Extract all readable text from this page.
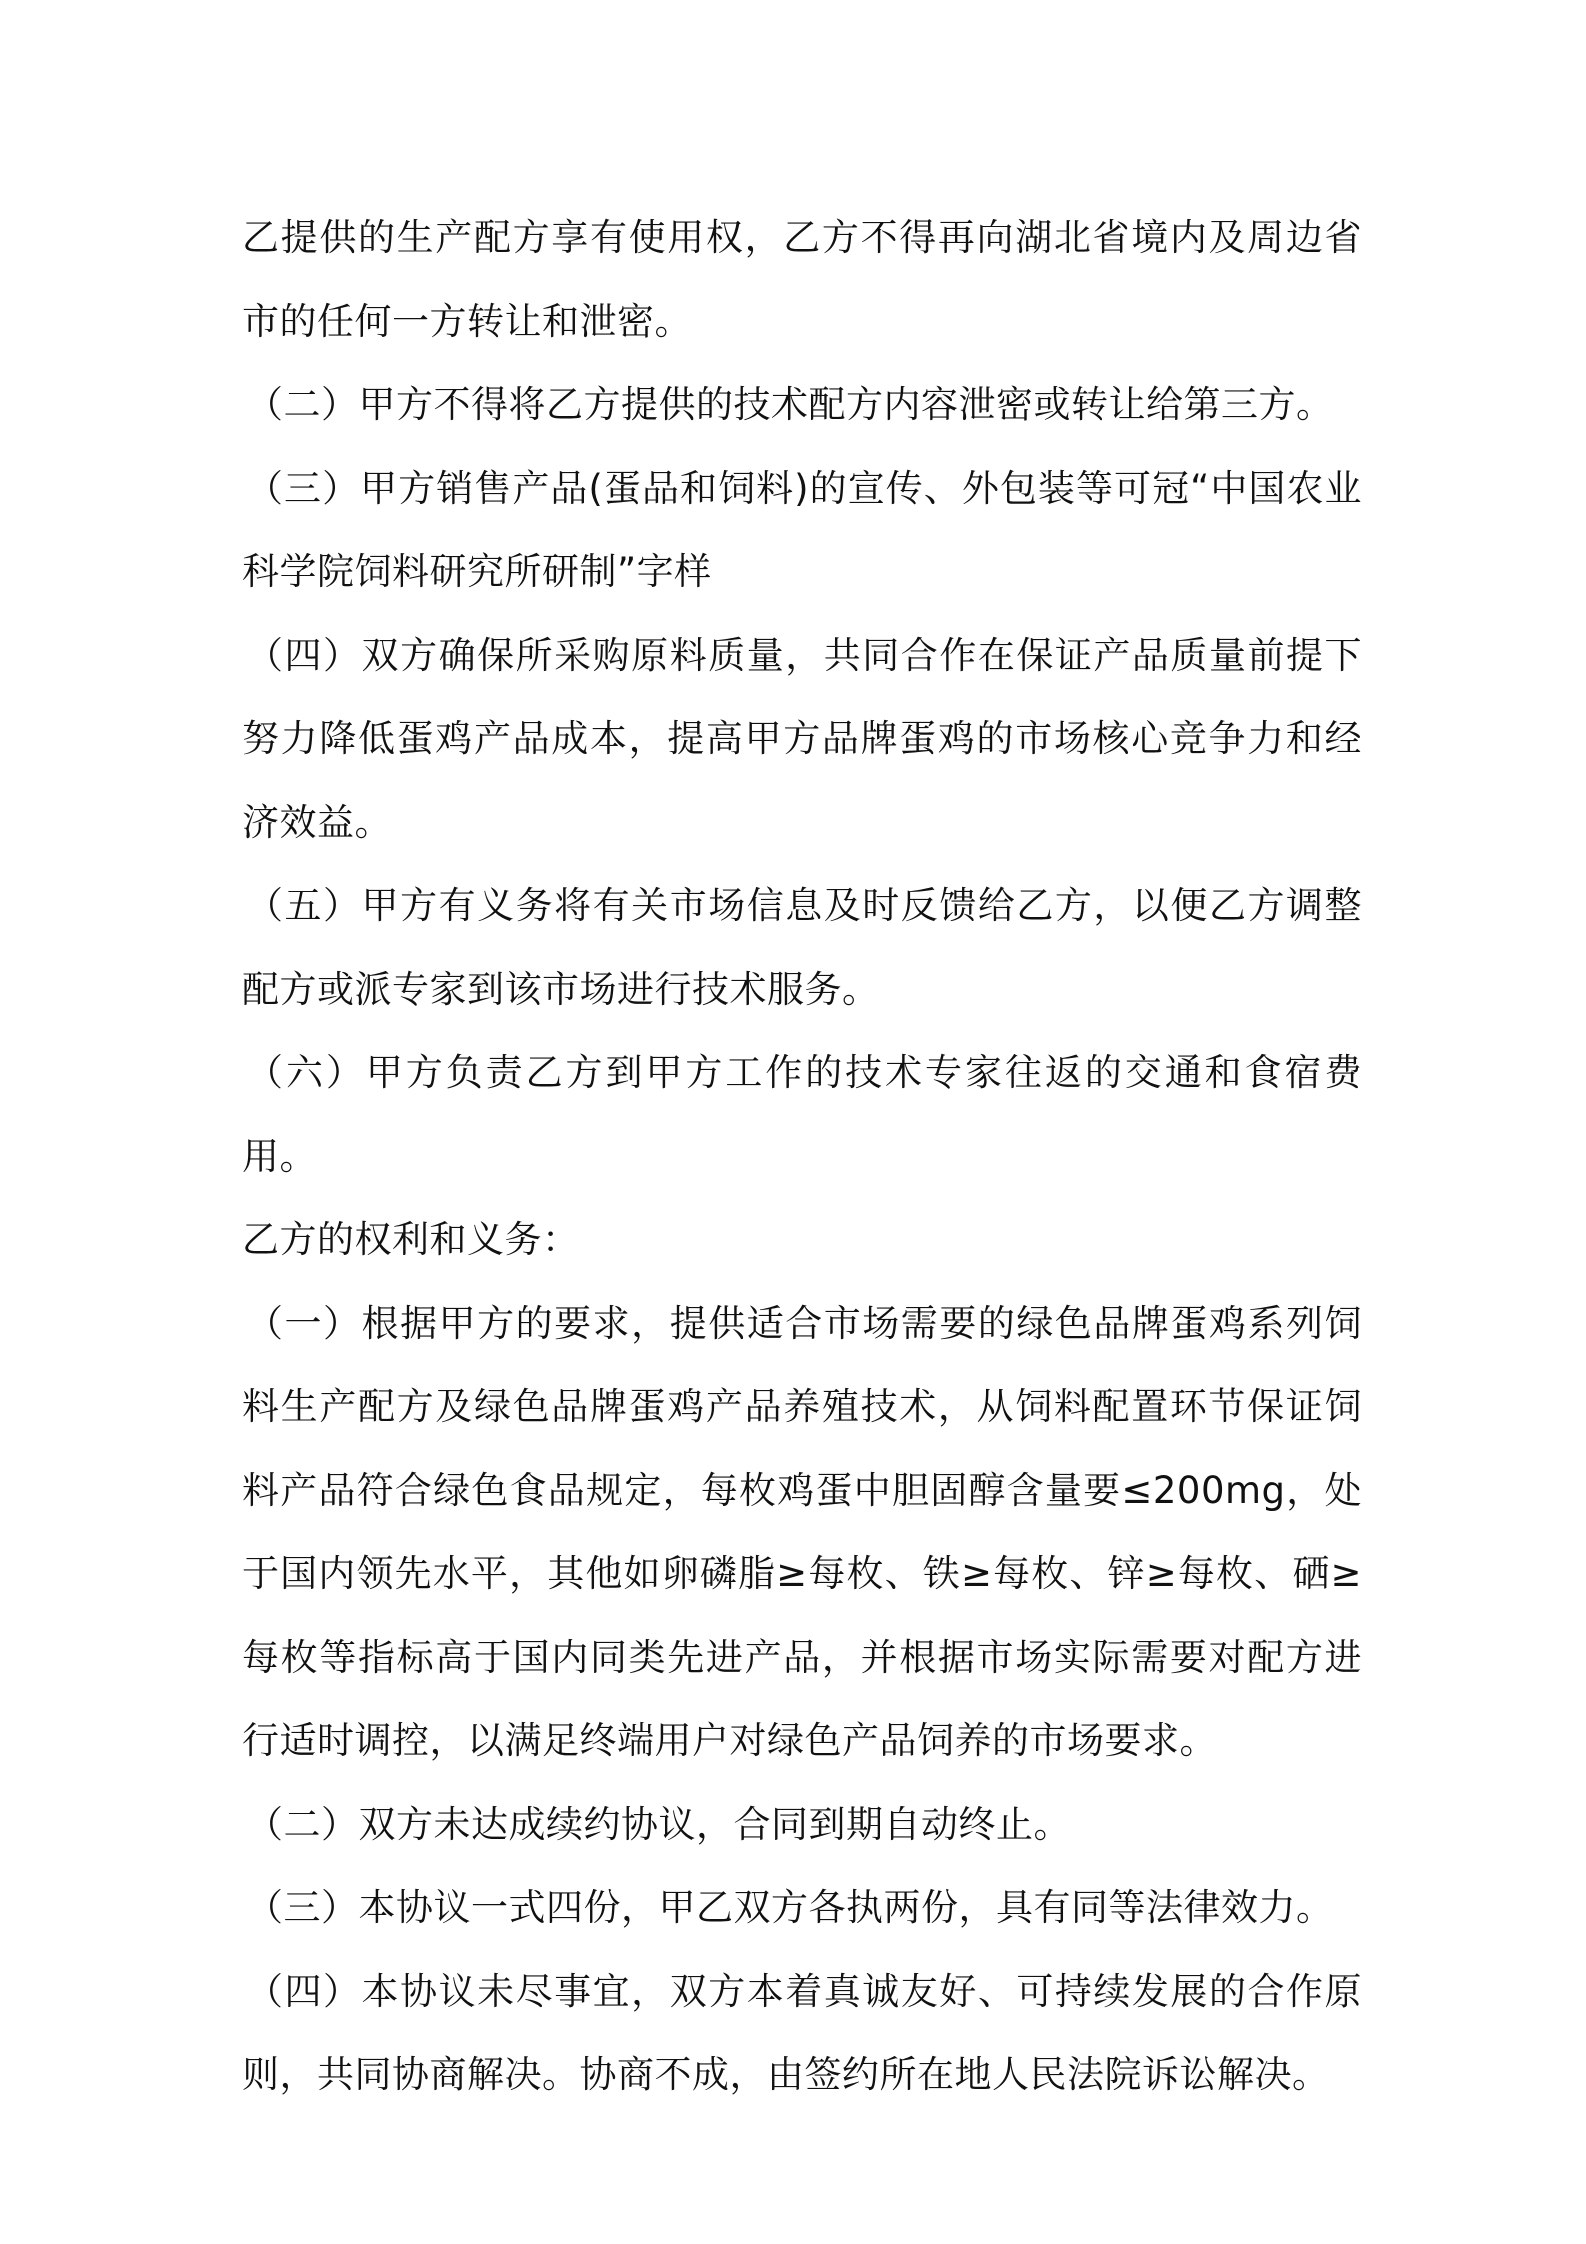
乙提供的生产配方享有使用权，乙方不得再向湖北省境内及周边省市的任何一方转让和泄密。

（二）甲方不得将乙方提供的技术配方内容泄密或转让给第三方。

（三）甲方销售产品(蛋品和饲料)的宣传、外包装等可冠“中国农业科学院饲料研究所研制”字样

（四）双方确保所采购原料质量，共同合作在保证产品质量前提下努力降低蛋鸡产品成本，提高甲方品牌蛋鸡的市场核心竞争力和经济效益。

（五）甲方有义务将有关市场信息及时反馈给乙方，以便乙方调整配方或派专家到该市场进行技术服务。

（六）甲方负责乙方到甲方工作的技术专家往返的交通和食宿费用。

乙方的权利和义务：

（一）根据甲方的要求，提供适合市场需要的绿色品牌蛋鸡系列饲料生产配方及绿色品牌蛋鸡产品养殖技术，从饲料配置环节保证饲料产品符合绿色食品规定，每枚鸡蛋中胆固醇含量要≤200mg，处于国内领先水平，其他如卵磷脂≥每枚、铁≥每枚、锌≥每枚、硒≥每枚等指标高于国内同类先进产品，并根据市场实际需要对配方进行适时调控，以满足终端用户对绿色产品饲养的市场要求。

（二）双方未达成续约协议，合同到期自动终止。

（三）本协议一式四份，甲乙双方各执两份，具有同等法律效力。

（四）本协议未尽事宜，双方本着真诚友好、可持续发展的合作原则，共同协商解决。协商不成，由签约所在地人民法院诉讼解决。
